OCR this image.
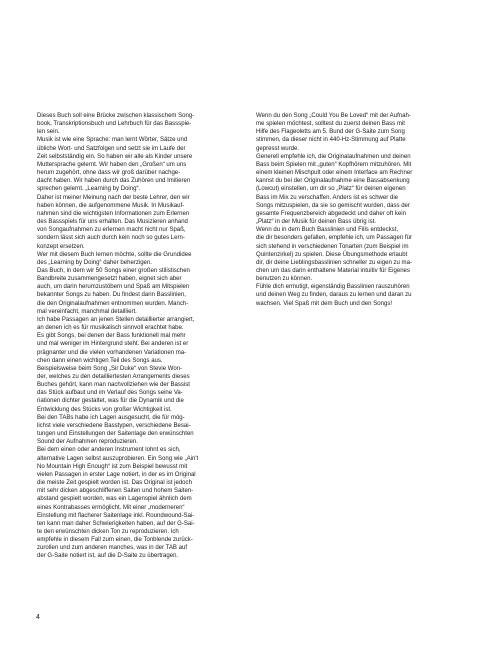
Dieses Buch soll eine Brücke zwischen klassischem Song-

book, Transkriptionsbuch und Lehrbuch für das Bassspie-

len sein.

Musik ist wie eine Sprache: man lernt Wörter, Sätze und

übliche Wort- und Satzfolgen und setzt sie im Laufe der

Zeit selbstständig ein. So haben wir alle als Kinder unsere

Muttersprache gelernt. Wir haben den „Großen“ um uns

herum zugehört, ohne dass wir groß darüber nachge-

dacht haben. Wir haben durch das Zuhören und Imitieren

sprechen gelernt. „Learning by Doing“.

Daher ist meiner Meinung nach der beste Lehrer, den wir

haben können, die aufgenommene Musik. In Musikauf-

nahmen sind die wichtigsten Informationen zum Erlernen

des Bassspiels für uns erhalten. Das Musizieren anhand

von Songaufnahmen zu erlernen macht nicht nur Spaß,

sondern lässt sich auch durch kein noch so gutes Lern-

konzept ersetzen.

Wer mit diesem Buch lernen möchte, sollte die Grundidee

des „Learning by Doing“ daher beherzigen.

Das Buch, in dem wir 50 Songs einer großen stilistischen

Bandbreite zusammengesetzt haben, eignet sich aber

auch, um darin herumzustöbern und Spaß am Mitspielen

bekannter Songs zu haben. Du findest darin Basslinien,

die den Originalaufnahmen entnommen wurden. Manch-

mal vereinfacht, manchmal detailliert.

Ich habe Passagen an jenen Stellen detaillierter arrangiert,

an denen ich es für musikalisch sinnvoll erachtet habe.

Es gibt Songs, bei denen der Bass funktionell mal mehr

und mal weniger im Hintergrund steht. Bei anderen ist er

prägnanter und die vielen vorhandenen Variationen ma-

chen dann einen wichtigen Teil des Songs aus.

Beispielsweise beim Song „Sir Duke“ von Stevie Won-

der, welches zu den detailliertesten Arrangements dieses

Buches gehört, kann man nachvollziehen wie der Bassist

das Stück aufbaut und im Verlauf des Songs seine Va-

riationen dichter gestaltet, was für die Dynamik und die

Entwicklung des Stücks von großer Wichtigkeit ist.

Bei den TABs habe ich Lagen ausgesucht, die für mög-

lichst viele verschiedene Basstypen, verschiedene Besai-

tungen und Einstellungen der Saitenlage den erwünschten

Sound der Aufnahmen reproduzieren.

Bei dem einen oder anderen Instrument lohnt es sich,

alternative Lagen selbst auszuprobieren. Ein Song wie „Ain't

No Mountain High Enough“ ist zum Beispiel bewusst mit

vielen Passagen in erster Lage notiert, in der es im Original

die meiste Zeit gespielt worden ist. Das Original ist jedoch

mit sehr dicken abgeschliffenen Saiten und hohem Saiten-

abstand gespielt worden, was ein Lagenspiel ähnlich dem

eines Kontrabasses ermöglicht. Mit einer „moderneren“

Einstellung mit flacherer Saitenlage inkl. Roundwound-Sai-

ten kann man daher Schwierigkeiten haben, auf der G-Sai-

te den erwünschten dicken Ton zu reproduzieren. Ich

empfehle in diesem Fall zum einen, die Tonblende zurück-

zurollen und zum anderen manches, was in der TAB auf

der G-Saite notiert ist, auf die D-Saite zu übertragen.

Wenn du den Song „Could You Be Loved“ mit der Aufnah-

me spielen möchtest, solltest du zuerst deinen Bass mit

Hilfe des Flageoletts am 5. Bund der G-Saite zum Song

stimmen, da dieser nicht in 440-Hz-Stimmung auf Platte

gepresst wurde.

Generell empfehle ich, die Originalaufnahmen und deinen

Bass beim Spielen mit „guten“ Kopfhörern mitzuhören. Mit

einem kleinen Mischpult oder einem Interface am Rechner

kannst du bei der Originalaufnahme eine Bassabsenkung

(Lowcut) einstellen, um dir so „Platz“ für deinen eigenen

Bass im Mix zu verschaffen. Anders ist es schwer die

Songs mitzuspielen, da sie so gemischt wurden, dass der

gesamte Frequenzbereich abgedeckt und daher oft kein

„Platz“ in der Musik für deinen Bass übrig ist.

Wenn du in dem Buch Basslinien und Fills entdeckst,

die dir besonders gefallen, empfehle ich, um Passagen für

sich stehend in verschiedenen Tonarten (zum Beispiel im

Quintenzirkel) zu spielen. Diese Übungsmethode erlaubt

dir, dir deine Lieblingsbasslinien schneller zu eigen zu ma-

chen um das darin enthaltene Material intuitiv für Eigenes

benutzen zu können.

Fühle dich ermutigt, eigenständig Basslinien rauszuhören

und deinen Weg zu finden, daraus zu lernen und daran zu

wachsen. Viel Spaß mit dem Buch und den Songs!

4
